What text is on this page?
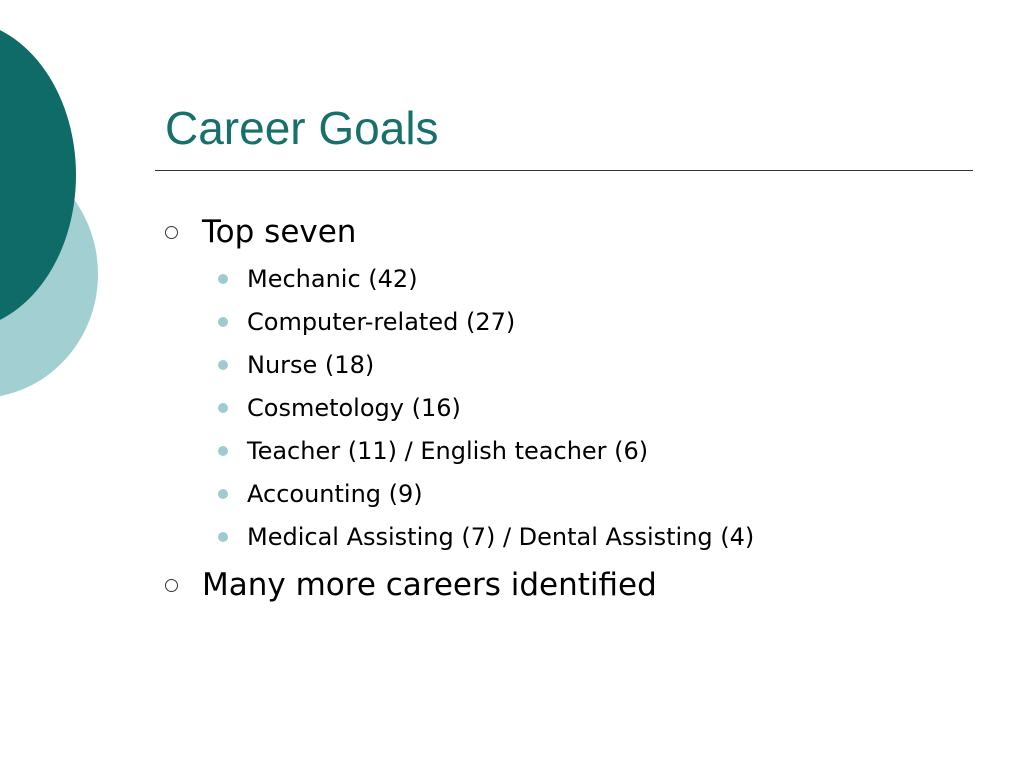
Career Goals
Top seven
Mechanic (42)
Computer-related (27)
Nurse (18)
Cosmetology (16)
Teacher (11) / English teacher (6)
Accounting (9)
Medical Assisting (7) / Dental Assisting (4)
Many more careers identified
